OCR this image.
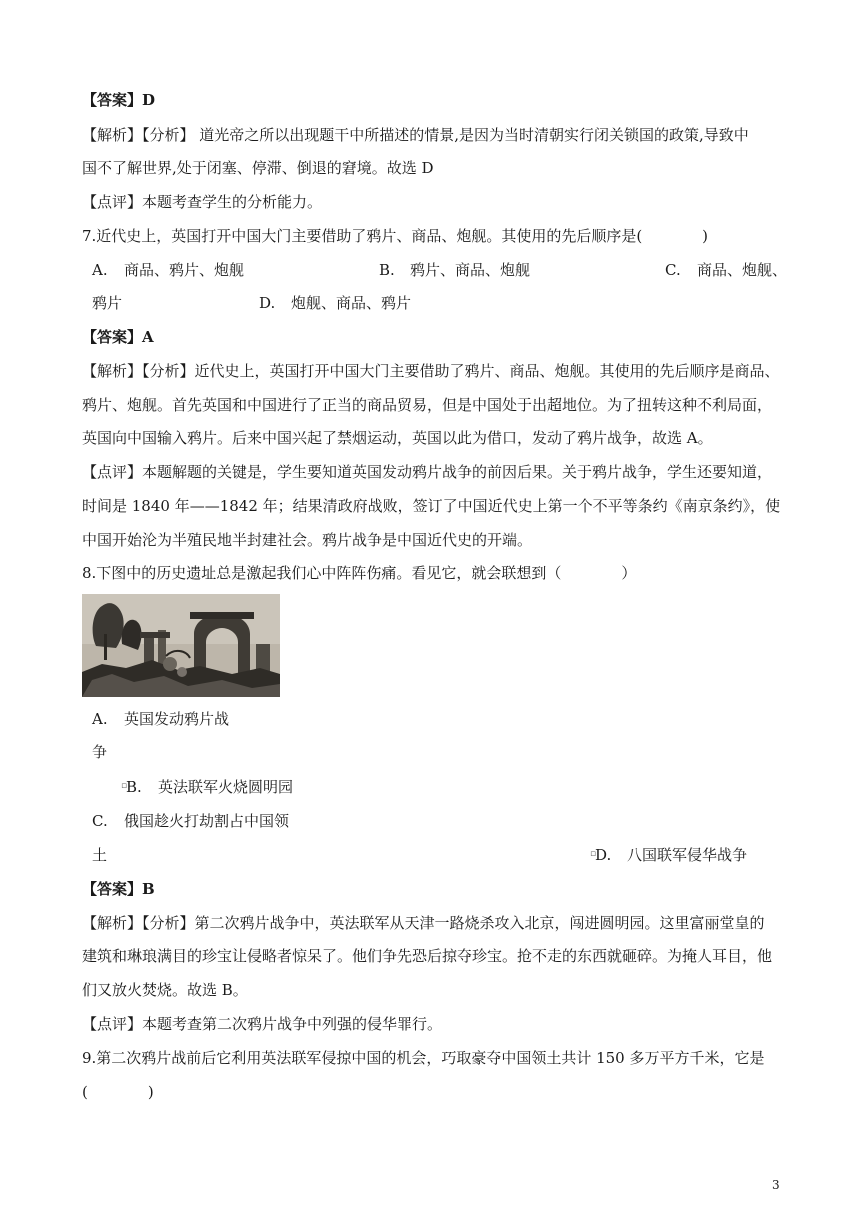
【答案】D
【解析】【分析】 道光帝之所以出现题干中所描述的情景,是因为当时清朝实行闭关锁国的政策,导致中
国不了解世界,处于闭塞、停滞、倒退的窘境。故选 D
【点评】本题考查学生的分析能力。
7.近代史上，英国打开中国大门主要借助了鸦片、商品、炮舰。其使用的先后顺序是(　　　　)
A. 商品、鸦片、炮舰	B. 鸦片、商品、炮舰	C. 商品、炮舰、
鸦片	D. 炮舰、商品、鸦片
【答案】A
【解析】【分析】近代史上，英国打开中国大门主要借助了鸦片、商品、炮舰。其使用的先后顺序是商品、
鸦片、炮舰。首先英国和中国进行了正当的商品贸易，但是中国处于出超地位。为了扭转这种不利局面，
英国向中国输入鸦片。后来中国兴起了禁烟运动，英国以此为借口，发动了鸦片战争，故选 A。
【点评】本题解题的关键是，学生要知道英国发动鸦片战争的前因后果。关于鸦片战争，学生还要知道，
时间是 1840 年——1842 年；结果清政府战败，签订了中国近代史上第一个不平等条约《南京条约》，使
中国开始沦为半殖民地半封建社会。鸦片战争是中国近代史的开端。
8.下图中的历史遗址总是激起我们心中阵阵伤痛。看见它，就会联想到（　　　　）
A. 英国发动鸦片战
争
▫
B. 英法联军火烧圆明园
C. 俄国趁火打劫割占中国领
土	▫
D. 八国联军侵华战争
【答案】B
【解析】【分析】第二次鸦片战争中，英法联军从天津一路烧杀攻入北京，闯进圆明园。这里富丽堂皇的
建筑和琳琅满目的珍宝让侵略者惊呆了。他们争先恐后掠夺珍宝。抢不走的东西就砸碎。为掩人耳目，他
们又放火焚烧。故选 B。
【点评】本题考查第二次鸦片战争中列强的侵华罪行。
9.第二次鸦片战前后它利用英法联军侵掠中国的机会，巧取豪夺中国领土共计 150 多万平方千米，它是
(　　　　)
3
